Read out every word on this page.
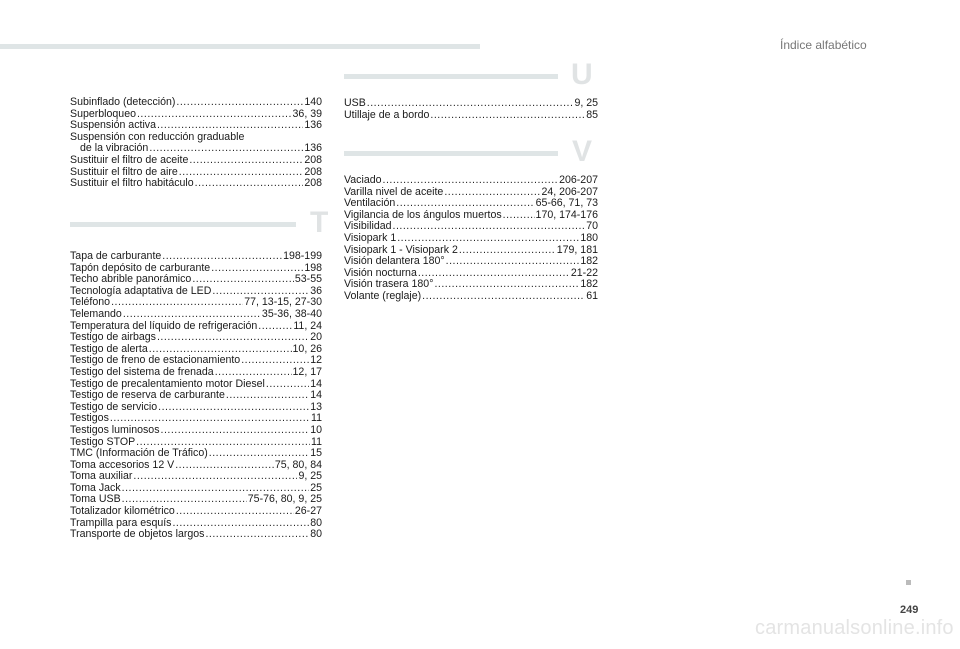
Índice alfabético
Subinflado (detección) .....	140
Superbloqueo .....	36, 39
Suspensión activa .....	136
Suspensión con reducción graduable
de la vibración .....	136
Sustituir el filtro de aceite .....	208
Sustituir el filtro de aire .....	208
Sustituir el filtro habitáculo .....	208
T
Tapa de carburante .....	198-199
Tapón depósito de carburante .....	198
Techo abrible panorámico .....	53-55
Tecnología adaptativa de LED .....	36
Teléfono .....	77, 13-15, 27-30
Telemando .....	35-36, 38-40
Temperatura del líquido de refrigeración .....	11, 24
Testigo de airbags .....	20
Testigo de alerta .....	10, 26
Testigo de freno de estacionamiento .....	12
Testigo del sistema de frenada .....	12, 17
Testigo de precalentamiento motor Diesel .....	14
Testigo de reserva de carburante .....	14
Testigo de servicio .....	13
Testigos .....	11
Testigos luminosos .....	10
Testigo STOP .....	11
TMC (Información de Tráfico) .....	15
Toma accesorios 12 V .....	75, 80, 84
Toma auxiliar .....	9, 25
Toma Jack .....	25
Toma USB .....	75-76, 80, 9, 25
Totalizador kilométrico .....	26-27
Trampilla para esquís .....	80
Transporte de objetos largos .....	80
U
USB .....	9, 25
Utillaje de a bordo .....	85
V
Vaciado .....	206-207
Varilla nivel de aceite .....	24, 206-207
Ventilación .....	65-66, 71, 73
Vigilancia de los ángulos muertos .....	170, 174-176
Visibilidad .....	70
Visiopark 1 .....	180
Visiopark 1 - Visiopark 2 .....	179, 181
Visión delantera 180° .....	182
Visión nocturna .....	21-22
Visión trasera 180° .....	182
Volante (reglaje) .....	61
249
carmanualsonline.info
